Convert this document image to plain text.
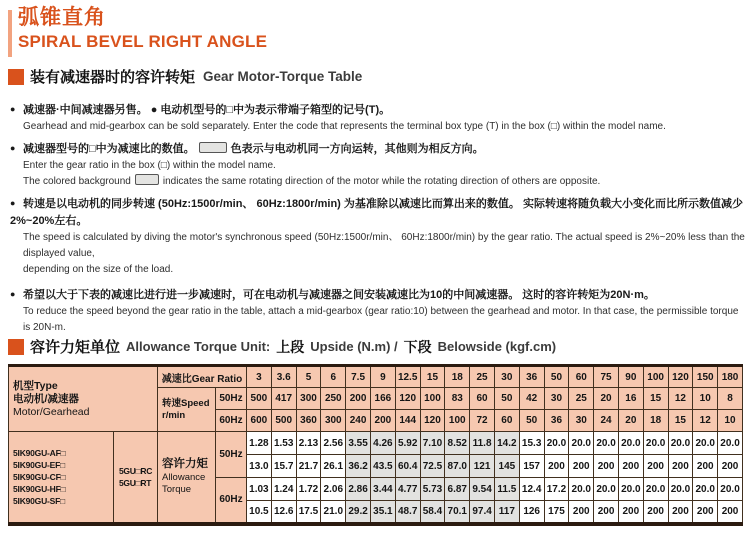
弧锥直角
SPIRAL BEVEL RIGHT ANGLE
装有减速器时的容许转矩 Gear Motor-Torque Table
● 减速器·中间减速器另售。 ● 电动机型号的□中为表示带端子箱型的记号(T)。
Gearhead and mid-gearbox can be sold separately. Enter the code that represents the terminal box type (T) in the box (□) within the model name.
● 减速器型号的□中为减速比的数值。	色表示与电动机同一方向运转，其他则为相反方向。
Enter the gear ratio in the box (□) within the model name.
The colored background	indicates the same rotating direction of the motor while the rotating direction of others are opposite.
● 转速是以电动机的同步转速 (50Hz:1500r/min、 60Hz:1800r/min) 为基准除以减速比而算出来的数值。 实际转速将随负载大小变化而比所示数值减少2%~20%左右。
The speed is calculated by diving the motor's synchronous speed (50Hz:1500r/min、 60Hz:1800r/min) by the gear ratio. The actual speed is 2%~20% less than the displayed value,
depending on the size of the load.
● 希望以大于下表的减速比进行进一步减速时，可在电动机与减速器之间安装减速比为10的中间减速器。 这时的容许转矩为20N·m。
To reduce the speed beyond the gear ratio in the table, attach a mid-gearbox (gear ratio:10) between the gearhead and motor. In that case, the permissible torque is 20N-m.
容许力矩单位 Allowance Torque Unit: 上段 Upside (N.m) / 下段 Belowside (kgf.cm)
机型Type
电动机/减速器
Motor/Gearhead		减速比Gear Ratio		3	3.6	5	6	7.5	9	12.5	15	18	25	30	36	50	60	75	90	100	120	150	180

		转速Speed
r/min	50Hz	500	417	300	250	200	166	120	100	83	60	50	42	30	25	20	16	15	12	10	8
			60Hz	600	500	360	300	240	200	144	120	100	72	60	50	36	30	24	20	18	15	12	10

5IK90GU-AF□
5IK90GU-EF□
5IK90GU-CF□
5IK90GU-HF□
5IK90GU-SF□

5GU□RC
5GU□RT

容许力矩
Allowance
Torque
	50Hz	1.28	1.53	2.13	2.56	3.55	4.26	5.92	7.10	8.52	11.8	14.2	15.3	20.0	20.0	20.0	20.0	20.0	20.0	20.0	20.0
				13.0	15.7	21.7	26.1	36.2	43.5	60.4	72.5	87.0	121	145	157	200	200	200	200	200	200	200	200
			60Hz	1.03	1.24	1.72	2.06	2.86	3.44	4.77	5.73	6.87	9.54	11.5	12.4	17.2	20.0	20.0	20.0	20.0	20.0	20.0	20.0
				10.5	12.6	17.5	21.0	29.2	35.1	48.7	58.4	70.1	97.4	117	126	175	200	200	200	200	200	200	200
